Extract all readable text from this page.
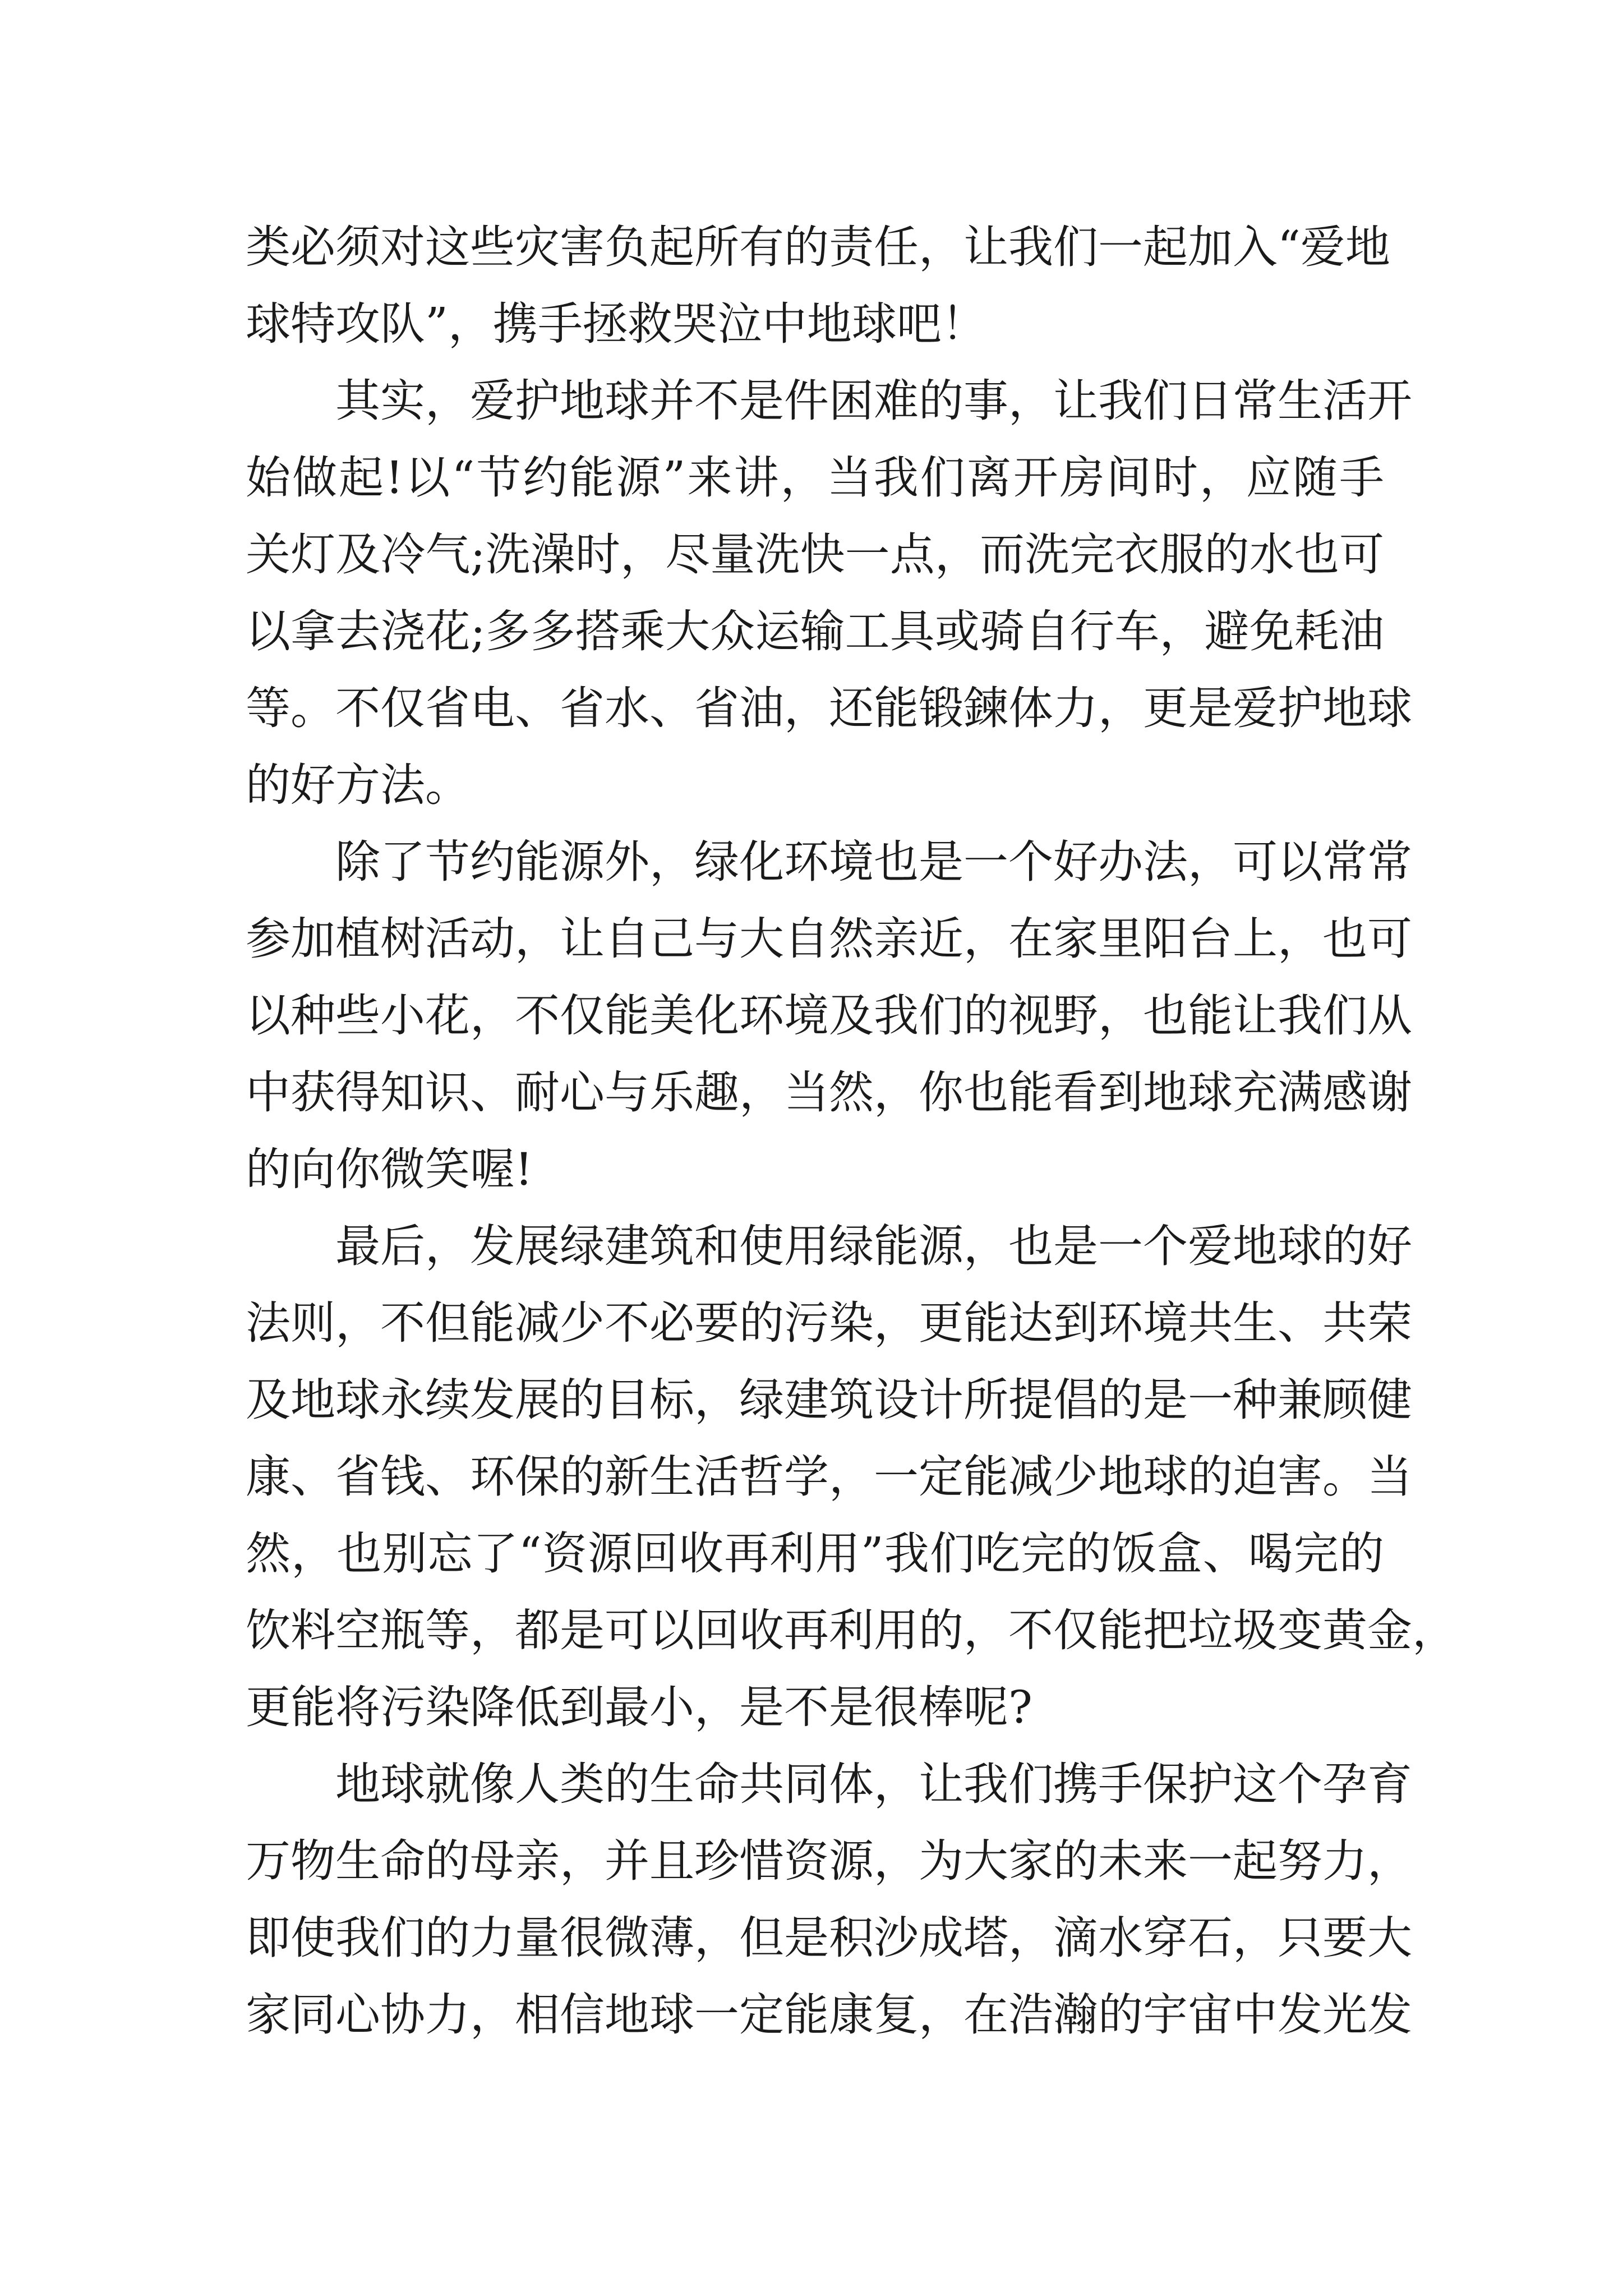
类必须对这些灾害负起所有的责任，让我们一起加入“爱地
球特攻队”，携手拯救哭泣中地球吧！
其实，爱护地球并不是件困难的事，让我们日常生活开
始做起!以“节约能源”来讲，当我们离开房间时，应随手
关灯及冷气;洗澡时，尽量洗快一点，而洗完衣服的水也可
以拿去浇花;多多搭乘大众运输工具或骑自行车，避免耗油
等。不仅省电、省水、省油，还能锻鍊体力，更是爱护地球
的好方法。
除了节约能源外，绿化环境也是一个好办法，可以常常
参加植树活动，让自己与大自然亲近，在家里阳台上，也可
以种些小花，不仅能美化环境及我们的视野，也能让我们从
中获得知识、耐心与乐趣，当然，你也能看到地球充满感谢
的向你微笑喔!
最后，发展绿建筑和使用绿能源，也是一个爱地球的好
法则，不但能减少不必要的污染，更能达到环境共生、共荣
及地球永续发展的目标，绿建筑设计所提倡的是一种兼顾健
康、省钱、环保的新生活哲学，一定能减少地球的迫害。当
然，也别忘了“资源回收再利用”我们吃完的饭盒、喝完的
饮料空瓶等，都是可以回收再利用的，不仅能把垃圾变黄金，
更能将污染降低到最小，是不是很棒呢?
地球就像人类的生命共同体，让我们携手保护这个孕育
万物生命的母亲，并且珍惜资源，为大家的未来一起努力，
即使我们的力量很微薄，但是积沙成塔，滴水穿石，只要大
家同心协力，相信地球一定能康复，在浩瀚的宇宙中发光发
